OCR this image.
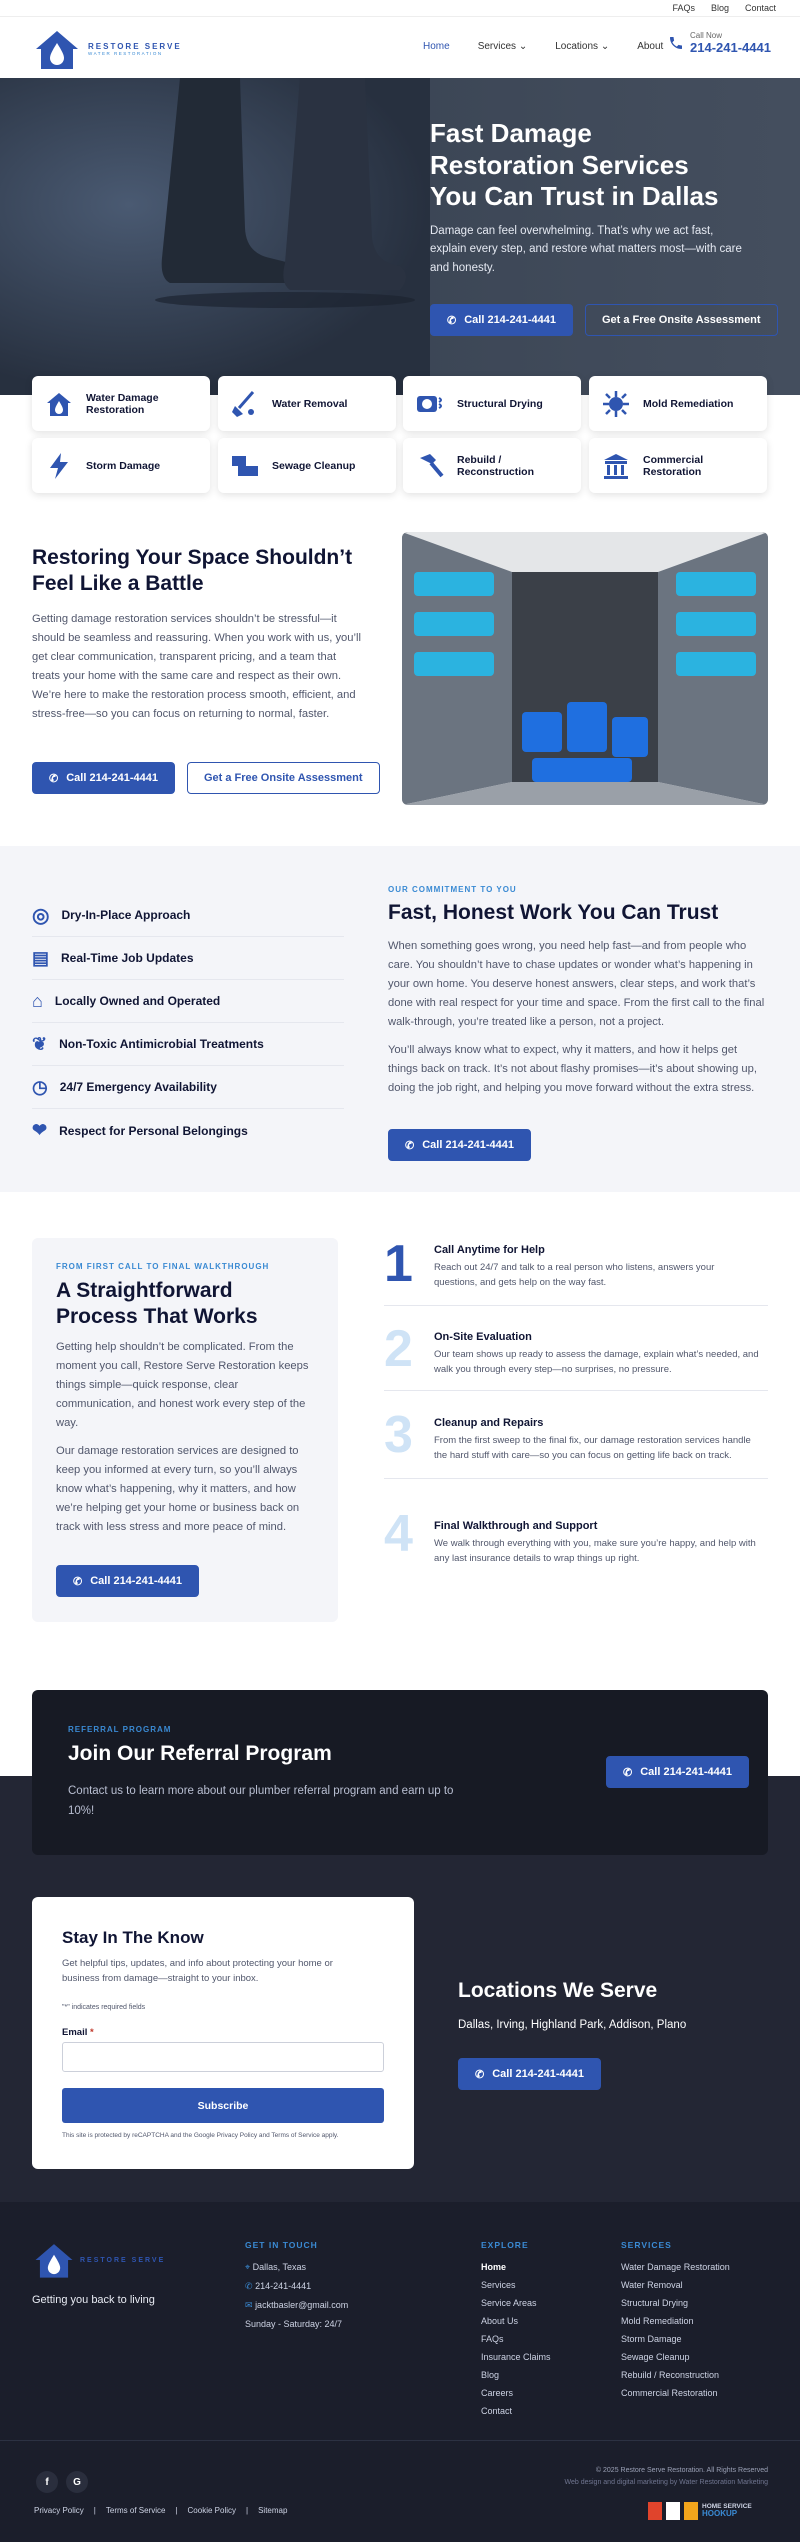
FAQs Blog Contact
RESTORE SERVE
WATER RESTORATION
Home	Services ⌄	Locations ⌄	About
Call Now
214-241-4441
Fast Damage Restoration Services You Can Trust in Dallas
Damage can feel overwhelming. That’s why we act fast, explain every step, and restore what matters most—with care and honesty.
✆ Call 214-241-4441	Get a Free Onsite Assessment
Water Damage Restoration	Water Removal	Structural Drying	Mold Remediation
Storm Damage	Sewage Cleanup	Rebuild / Reconstruction
Commercial Restoration
Restoring Your Space Shouldn’t Feel Like a Battle
Getting damage restoration services shouldn’t be stressful—it should be seamless and reassuring. When you work with us, you’ll get clear communication, transparent pricing, and a team that treats your home with the same care and respect as their own. We’re here to make the restoration process smooth, efficient, and stress-free—so you can focus on returning to normal, faster.
✆ Call 214-241-4441	Get a Free Onsite Assessment
◎ Dry-In-Place Approach
▤ Real-Time Job Updates
⌂ Locally Owned and Operated
❦ Non-Toxic Antimicrobial Treatments
◷ 24/7 Emergency Availability
❤ Respect for Personal Belongings
OUR COMMITMENT TO YOU
Fast, Honest Work You Can Trust
When something goes wrong, you need help fast—and from people who care. You shouldn’t have to chase updates or wonder what’s happening in your own home. You deserve honest answers, clear steps, and work that’s done with real respect for your time and space. From the first call to the final walk-through, you’re treated like a person, not a project.
You’ll always know what to expect, why it matters, and how it helps get things back on track. It’s not about flashy promises—it’s about showing up, doing the job right, and helping you move forward without the extra stress.
✆ Call 214-241-4441
FROM FIRST CALL TO FINAL WALKTHROUGH
A Straightforward Process That Works
Getting help shouldn’t be complicated. From the moment you call, Restore Serve Restoration keeps things simple—quick response, clear communication, and honest work every step of the way.
Our damage restoration services are designed to keep you informed at every turn, so you’ll always know what’s happening, why it matters, and how we’re helping get your home or business back on track with less stress and more peace of mind.
✆ Call 214-241-4441
1 Call Anytime for Help
Reach out 24/7 and talk to a real person who listens, answers your questions, and gets help on the way fast.
2 On-Site Evaluation
Our team shows up ready to assess the damage, explain what’s needed, and walk you through every step—no surprises, no pressure.
3 Cleanup and Repairs
From the first sweep to the final fix, our damage restoration services handle the hard stuff with care—so you can focus on getting life back on track.
4 Final Walkthrough and Support
We walk through everything with you, make sure you’re happy, and help with any last insurance details to wrap things up right.
REFERRAL PROGRAM
Join Our Referral Program
Contact us to learn more about our plumber referral program and earn up to 10%!
✆ Call 214-241-4441
Stay In The Know
Get helpful tips, updates, and info about protecting your home or business from damage—straight to your inbox.
"*" indicates required fields
Email *
Subscribe
This site is protected by reCAPTCHA and the Google Privacy Policy and Terms of Service apply.
Locations We Serve
Dallas, Irving, Highland Park, Addison, Plano
✆ Call 214-241-4441
RESTORE SERVE
Getting you back to living
GET IN TOUCH
⌖ Dallas, Texas
✆ 214-241-4441
✉ jacktbasler@gmail.com
Sunday - Saturday: 24/7
EXPLORE
Home
Services
Service Areas
About Us
FAQs
Insurance Claims
Blog
Careers
Contact
SERVICES
Water Damage Restoration
Water Removal
Structural Drying
Mold Remediation
Storm Damage
Sewage Cleanup
Rebuild / Reconstruction
Commercial Restoration
© 2025 Restore Serve Restoration. All Rights Reserved
Web design and digital marketing by Water Restoration Marketing
f	G
Privacy Policy | Terms of Service | Cookie Policy | Sitemap	HOME SERVICE
HOOKUP
